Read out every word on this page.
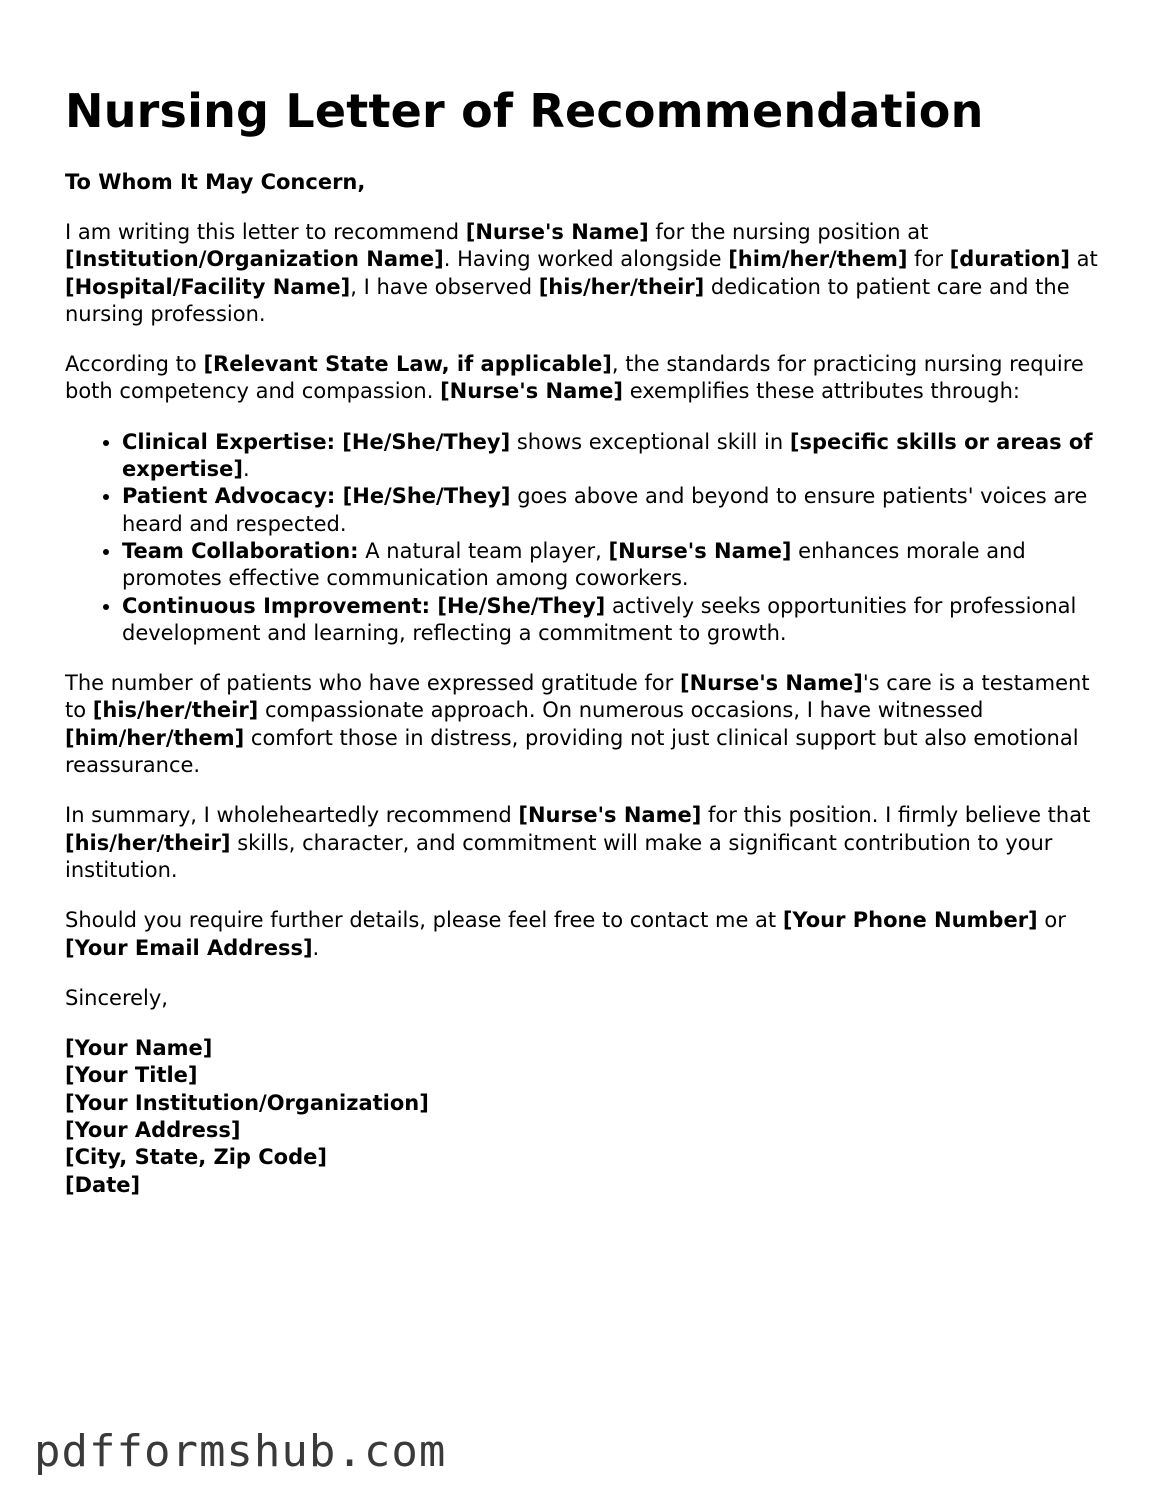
Nursing Letter of Recommendation
To Whom It May Concern,

I am writing this letter to recommend [Nurse's Name] for the nursing position at [Institution/Organization Name]. Having worked alongside [him/her/them] for [duration] at [Hospital/Facility Name], I have observed [his/her/their] dedication to patient care and the nursing profession.

According to [Relevant State Law, if applicable], the standards for practicing nursing require both competency and compassion. [Nurse's Name] exemplifies these attributes through:

• Clinical Expertise: [He/She/They] shows exceptional skill in [specific skills or areas of expertise].
• Patient Advocacy: [He/She/They] goes above and beyond to ensure patients' voices are heard and respected.
• Team Collaboration: A natural team player, [Nurse's Name] enhances morale and promotes effective communication among coworkers.
• Continuous Improvement: [He/She/They] actively seeks opportunities for professional development and learning, reflecting a commitment to growth.

The number of patients who have expressed gratitude for [Nurse's Name]'s care is a testament to [his/her/their] compassionate approach. On numerous occasions, I have witnessed [him/her/them] comfort those in distress, providing not just clinical support but also emotional reassurance.

In summary, I wholeheartedly recommend [Nurse's Name] for this position. I firmly believe that [his/her/their] skills, character, and commitment will make a significant contribution to your institution.

Should you require further details, please feel free to contact me at [Your Phone Number] or [Your Email Address].

Sincerely,

[Your Name]
[Your Title]
[Your Institution/Organization]
[Your Address]
[City, State, Zip Code]
[Date]
pdfformshub.com
